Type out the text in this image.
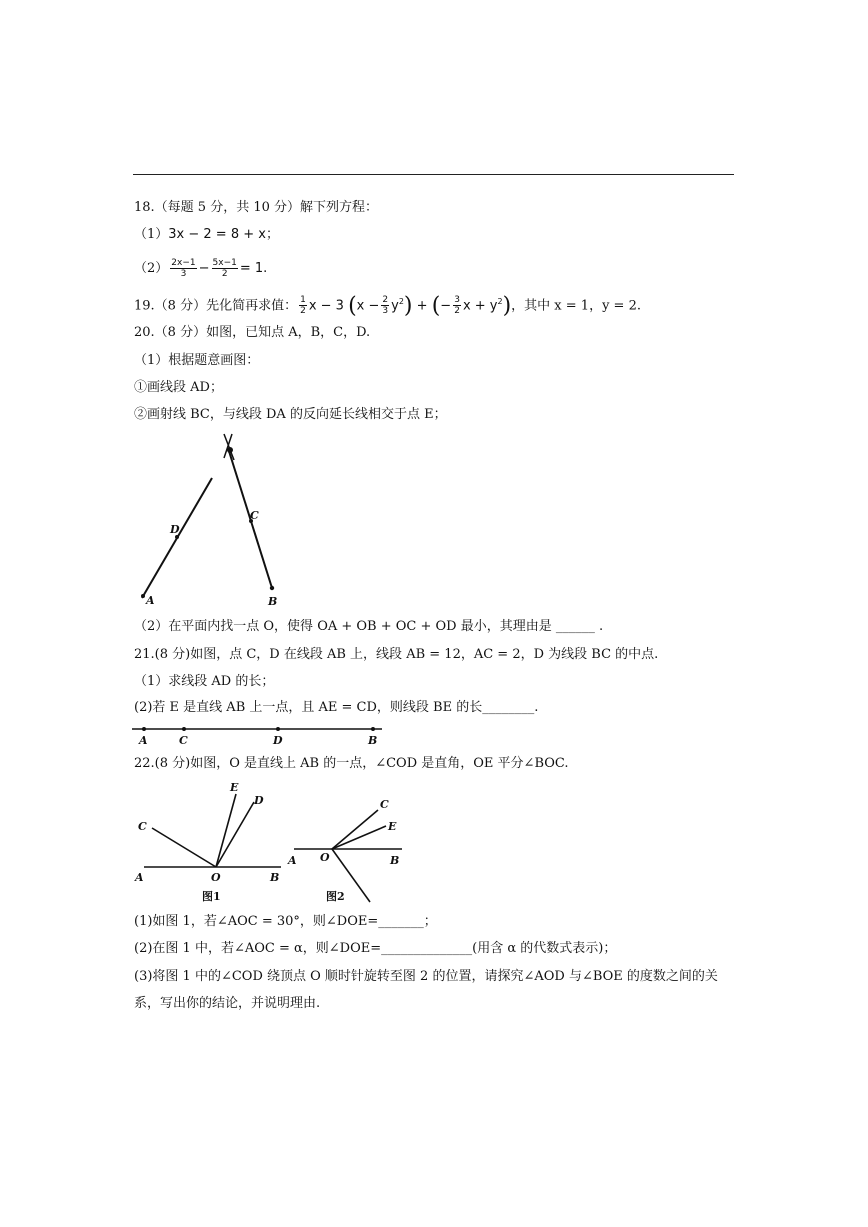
18.（每题 5 分，共 10 分）解下列方程：
（1）3x − 2 = 8 + x；
$(2) \frac{2x-1}{3} - \frac{5x-1}{2} = 1$.
19.（8 分）先化简再求值： $\frac{1}{2}$ x − 3 $(x - \frac{2}{3} y^2)$ + (− $\frac{3}{2}$ $x + y^2$)，其中 x = 1，y = 2.
20.（8 分）如图，已知点 A，B，C，D.
（1）根据题意画图：
①画线段 AD；
②画射线 BC，与线段 DA 的反向延长线相交于点 E；
A	B
C
D
（2）在平面内找一点 O，使得 OA + OB + OC + OD 最小，其理由是 ______ .
21.(8 分)如图，点 C，D 在线段 AB 上，线段 AB = 12，AC = 2，D 为线段 BC 的中点.
（1）求线段 AD 的长；
(2)若 E 是直线 AB 上一点，且 AE = CD，则线段 BE 的长________.
A	C	D	B
22.(8 分)如图，O 是直线上 AB 的一点，∠COD 是直角，OE 平分∠BOC.
C
E
D
A	O	B
图1
C
E
A O	B
图2
(1)如图 1，若∠AOC = 30°，则∠DOE=_______；
(2)在图 1 中，若∠AOC = α，则∠DOE=______________(用含 α 的代数式表示)；
(3)将图 1 中的∠COD 绕顶点 O 顺时针旋转至图 2 的位置，请探究∠AOD 与∠BOE 的度数之间的关
系，写出你的结论，并说明理由.
